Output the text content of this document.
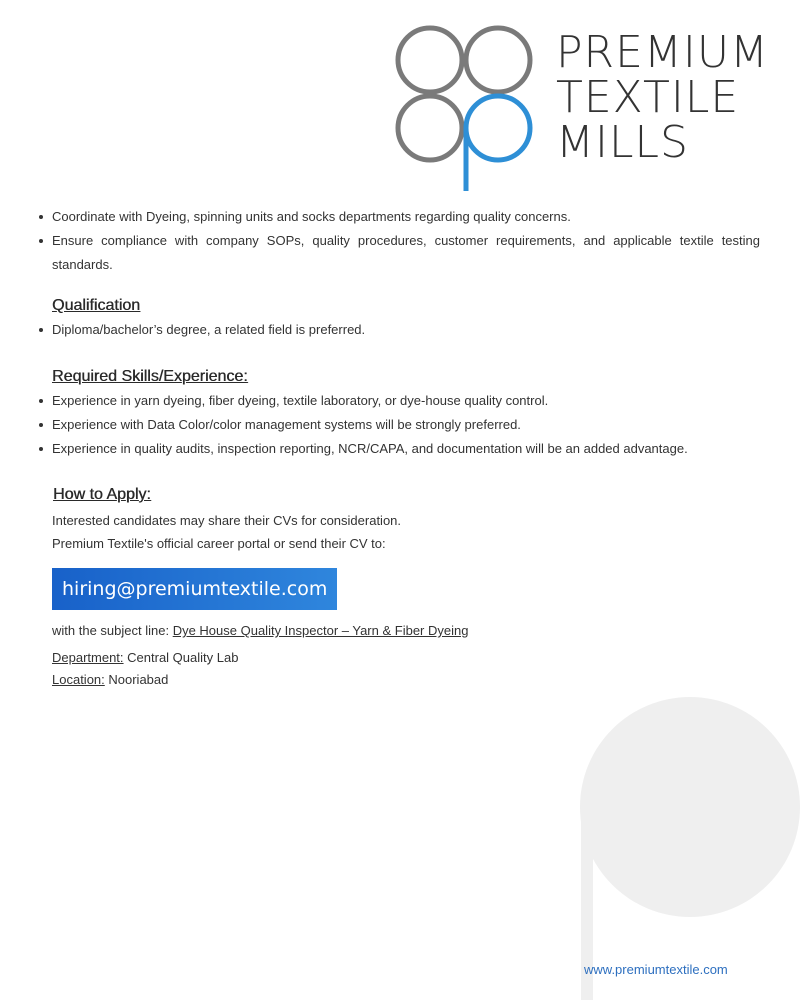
PREMIUM
TEXTILE
MILLS
Coordinate with Dyeing, spinning units and socks departments regarding quality concerns.
Ensure compliance with company SOPs, quality procedures, customer requirements, and applicable textile testing standards.
Qualification
Diploma/bachelor’s degree, a related field is preferred.
Required Skills/Experience:
Experience in yarn dyeing, fiber dyeing, textile laboratory, or dye-house quality control.
Experience with Data Color/color management systems will be strongly preferred.
Experience in quality audits, inspection reporting, NCR/CAPA, and documentation will be an added advantage.
How to Apply:
Interested candidates may share their CVs for consideration.
Premium Textile's official career portal or send their CV to:
hiring@premiumtextile.com
with the subject line: Dye House Quality Inspector – Yarn & Fiber Dyeing
Department: Central Quality Lab
Location: Nooriabad
www.premiumtextile.com
